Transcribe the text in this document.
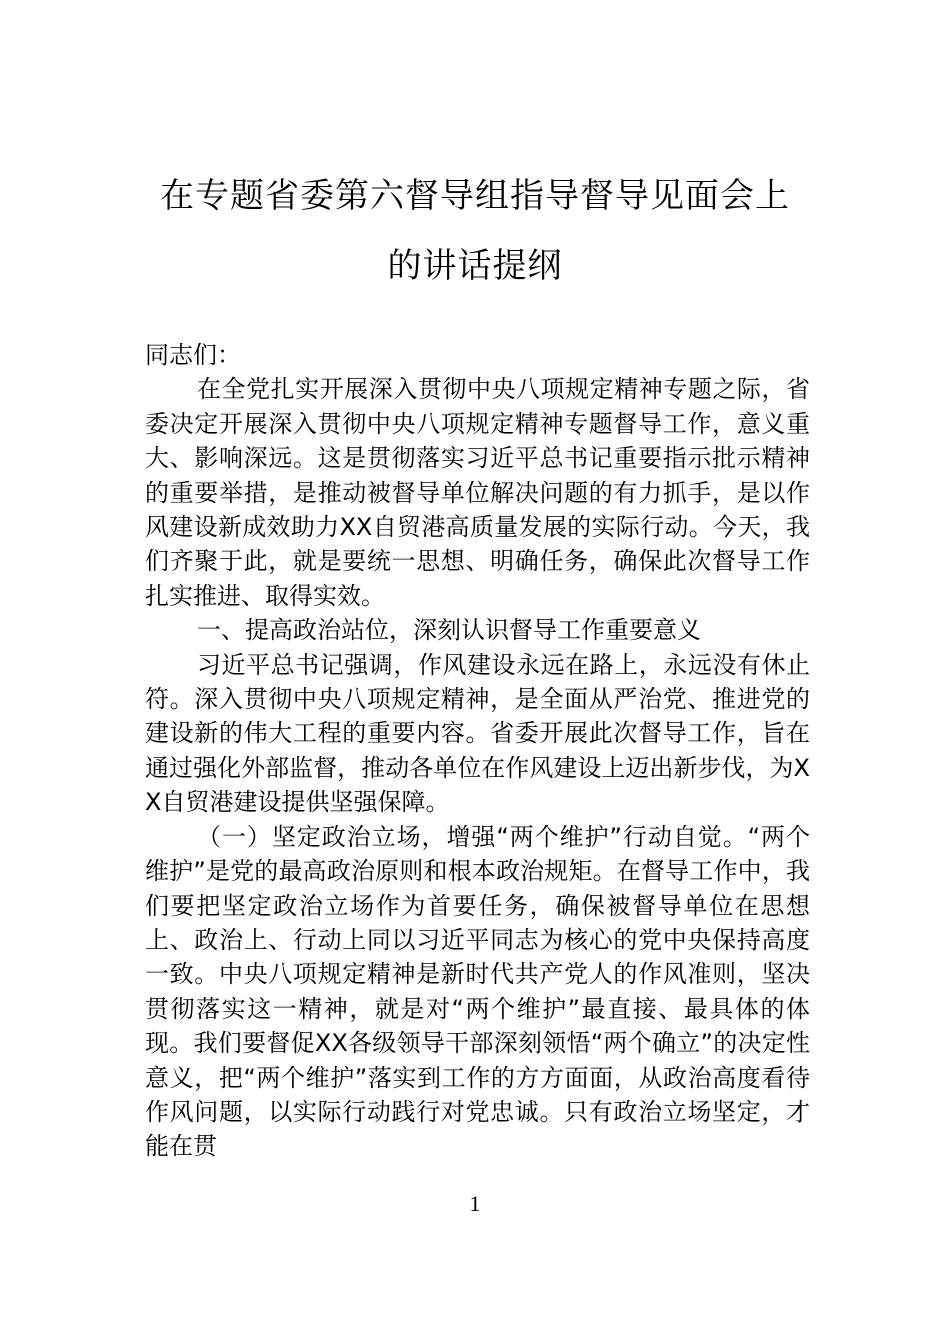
在专题省委第六督导组指导督导见面会上
的讲话提纲

同志们：

在全党扎实开展深入贯彻中央八项规定精神专题之际，省委决定开展深入贯彻中央八项规定精神专题督导工作，意义重大、影响深远。这是贯彻落实习近平总书记重要指示批示精神的重要举措，是推动被督导单位解决问题的有力抓手，是以作风建设新成效助力XX自贸港高质量发展的实际行动。今天，我们齐聚于此，就是要统一思想、明确任务，确保此次督导工作扎实推进、取得实效。

一、提高政治站位，深刻认识督导工作重要意义

习近平总书记强调，作风建设永远在路上，永远没有休止符。深入贯彻中央八项规定精神，是全面从严治党、推进党的建设新的伟大工程的重要内容。省委开展此次督导工作，旨在通过强化外部监督，推动各单位在作风建设上迈出新步伐，为XX自贸港建设提供坚强保障。

（一）坚定政治立场，增强“两个维护”行动自觉。“两个维护”是党的最高政治原则和根本政治规矩。在督导工作中，我们要把坚定政治立场作为首要任务，确保被督导单位在思想上、政治上、行动上同以习近平同志为核心的党中央保持高度一致。中央八项规定精神是新时代共产党人的作风准则，坚决贯彻落实这一精神，就是对“两个维护”最直接、最具体的体现。我们要督促XX各级领导干部深刻领悟“两个确立”的决定性意义，把“两个维护”落实到工作的方方面面，从政治高度看待作风问题，以实际行动践行对党忠诚。只有政治立场坚定，才能在贯

1
